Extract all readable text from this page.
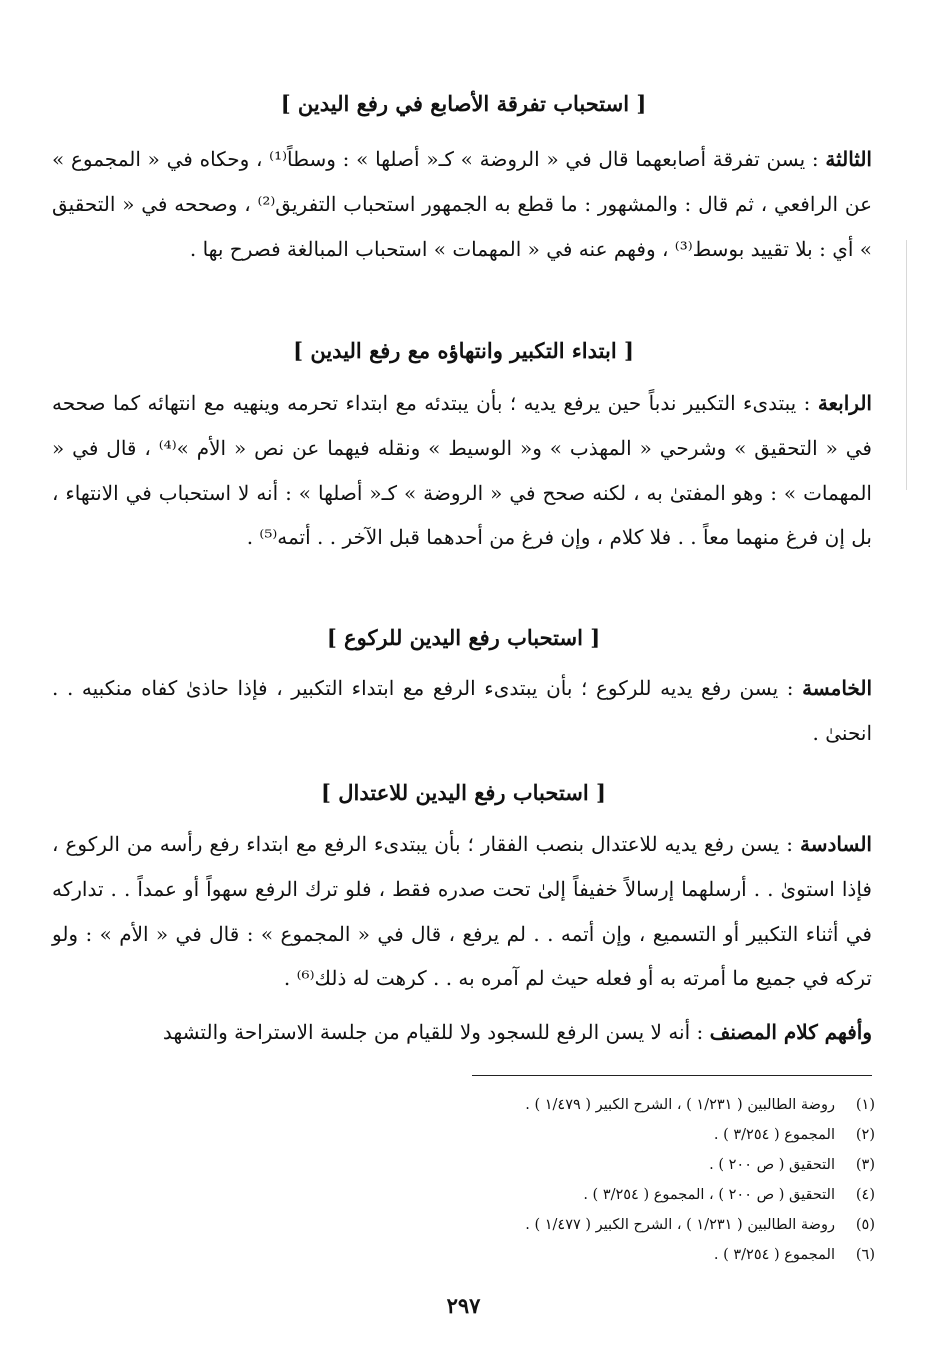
[ استحباب تفرقة الأصابع في رفع اليدين ]
الثالثة : يسن تفرقة أصابعهما قال في « الروضة » كـ« أصلها » : وسطاً⁽¹⁾ ، وحكاه في « المجموع » عن الرافعي ، ثم قال : والمشهور : ما قطع به الجمهور استحباب التفريق⁽²⁾ ، وصححه في « التحقيق » أي : بلا تقييد بوسط⁽³⁾ ، وفهم عنه في « المهمات » استحباب المبالغة فصرح بها .
[ ابتداء التكبير وانتهاؤه مع رفع اليدين ]
الرابعة : يبتدىء التكبير ندباً حين يرفع يديه ؛ بأن يبتدئه مع ابتداء تحرمه وينهيه مع انتهائه كما صححه في « التحقيق » وشرحي « المهذب » و« الوسيط » ونقله فيهما عن نص « الأم »⁽⁴⁾ ، قال في « المهمات » : وهو المفتىٰ به ، لكنه صحح في « الروضة » كـ« أصلها » : أنه لا استحباب في الانتهاء ، بل إن فرغ منهما معاً . . فلا كلام ، وإن فرغ من أحدهما قبل الآخر . . أتمه⁽⁵⁾ .
[ استحباب رفع اليدين للركوع ]
الخامسة : يسن رفع يديه للركوع ؛ بأن يبتدىء الرفع مع ابتداء التكبير ، فإذا حاذىٰ كفاه منكبيه . . انحنىٰ .
[ استحباب رفع اليدين للاعتدال ]
السادسة : يسن رفع يديه للاعتدال بنصب الفقار ؛ بأن يبتدىء الرفع مع ابتداء رفع رأسه من الركوع ، فإذا استوىٰ . . أرسلهما إرسالاً خفيفاً إلىٰ تحت صدره فقط ، فلو ترك الرفع سهواً أو عمداً . . تداركه في أثناء التكبير أو التسميع ، وإن أتمه . . لم يرفع ، قال في « المجموع » : قال في « الأم » : ولو تركه في جميع ما أمرته به أو فعله حيث لم آمره به . . كرهت له ذلك⁽⁶⁾ .
وأفهم كلام المصنف : أنه لا يسن الرفع للسجود ولا للقيام من جلسة الاستراحة والتشهد
(١)
روضة الطالبين ( ١/٢٣١ ) ، الشرح الكبير ( ١/٤٧٩ ) .
(٢)
المجموع ( ٣/٢٥٤ ) .
(٣)
التحقيق ( ص ٢٠٠ ) .
(٤)
التحقيق ( ص ٢٠٠ ) ، المجموع ( ٣/٢٥٤ ) .
(٥)
روضة الطالبين ( ١/٢٣١ ) ، الشرح الكبير ( ١/٤٧٧ ) .
(٦)
المجموع ( ٣/٢٥٤ ) .
٢٩٧
